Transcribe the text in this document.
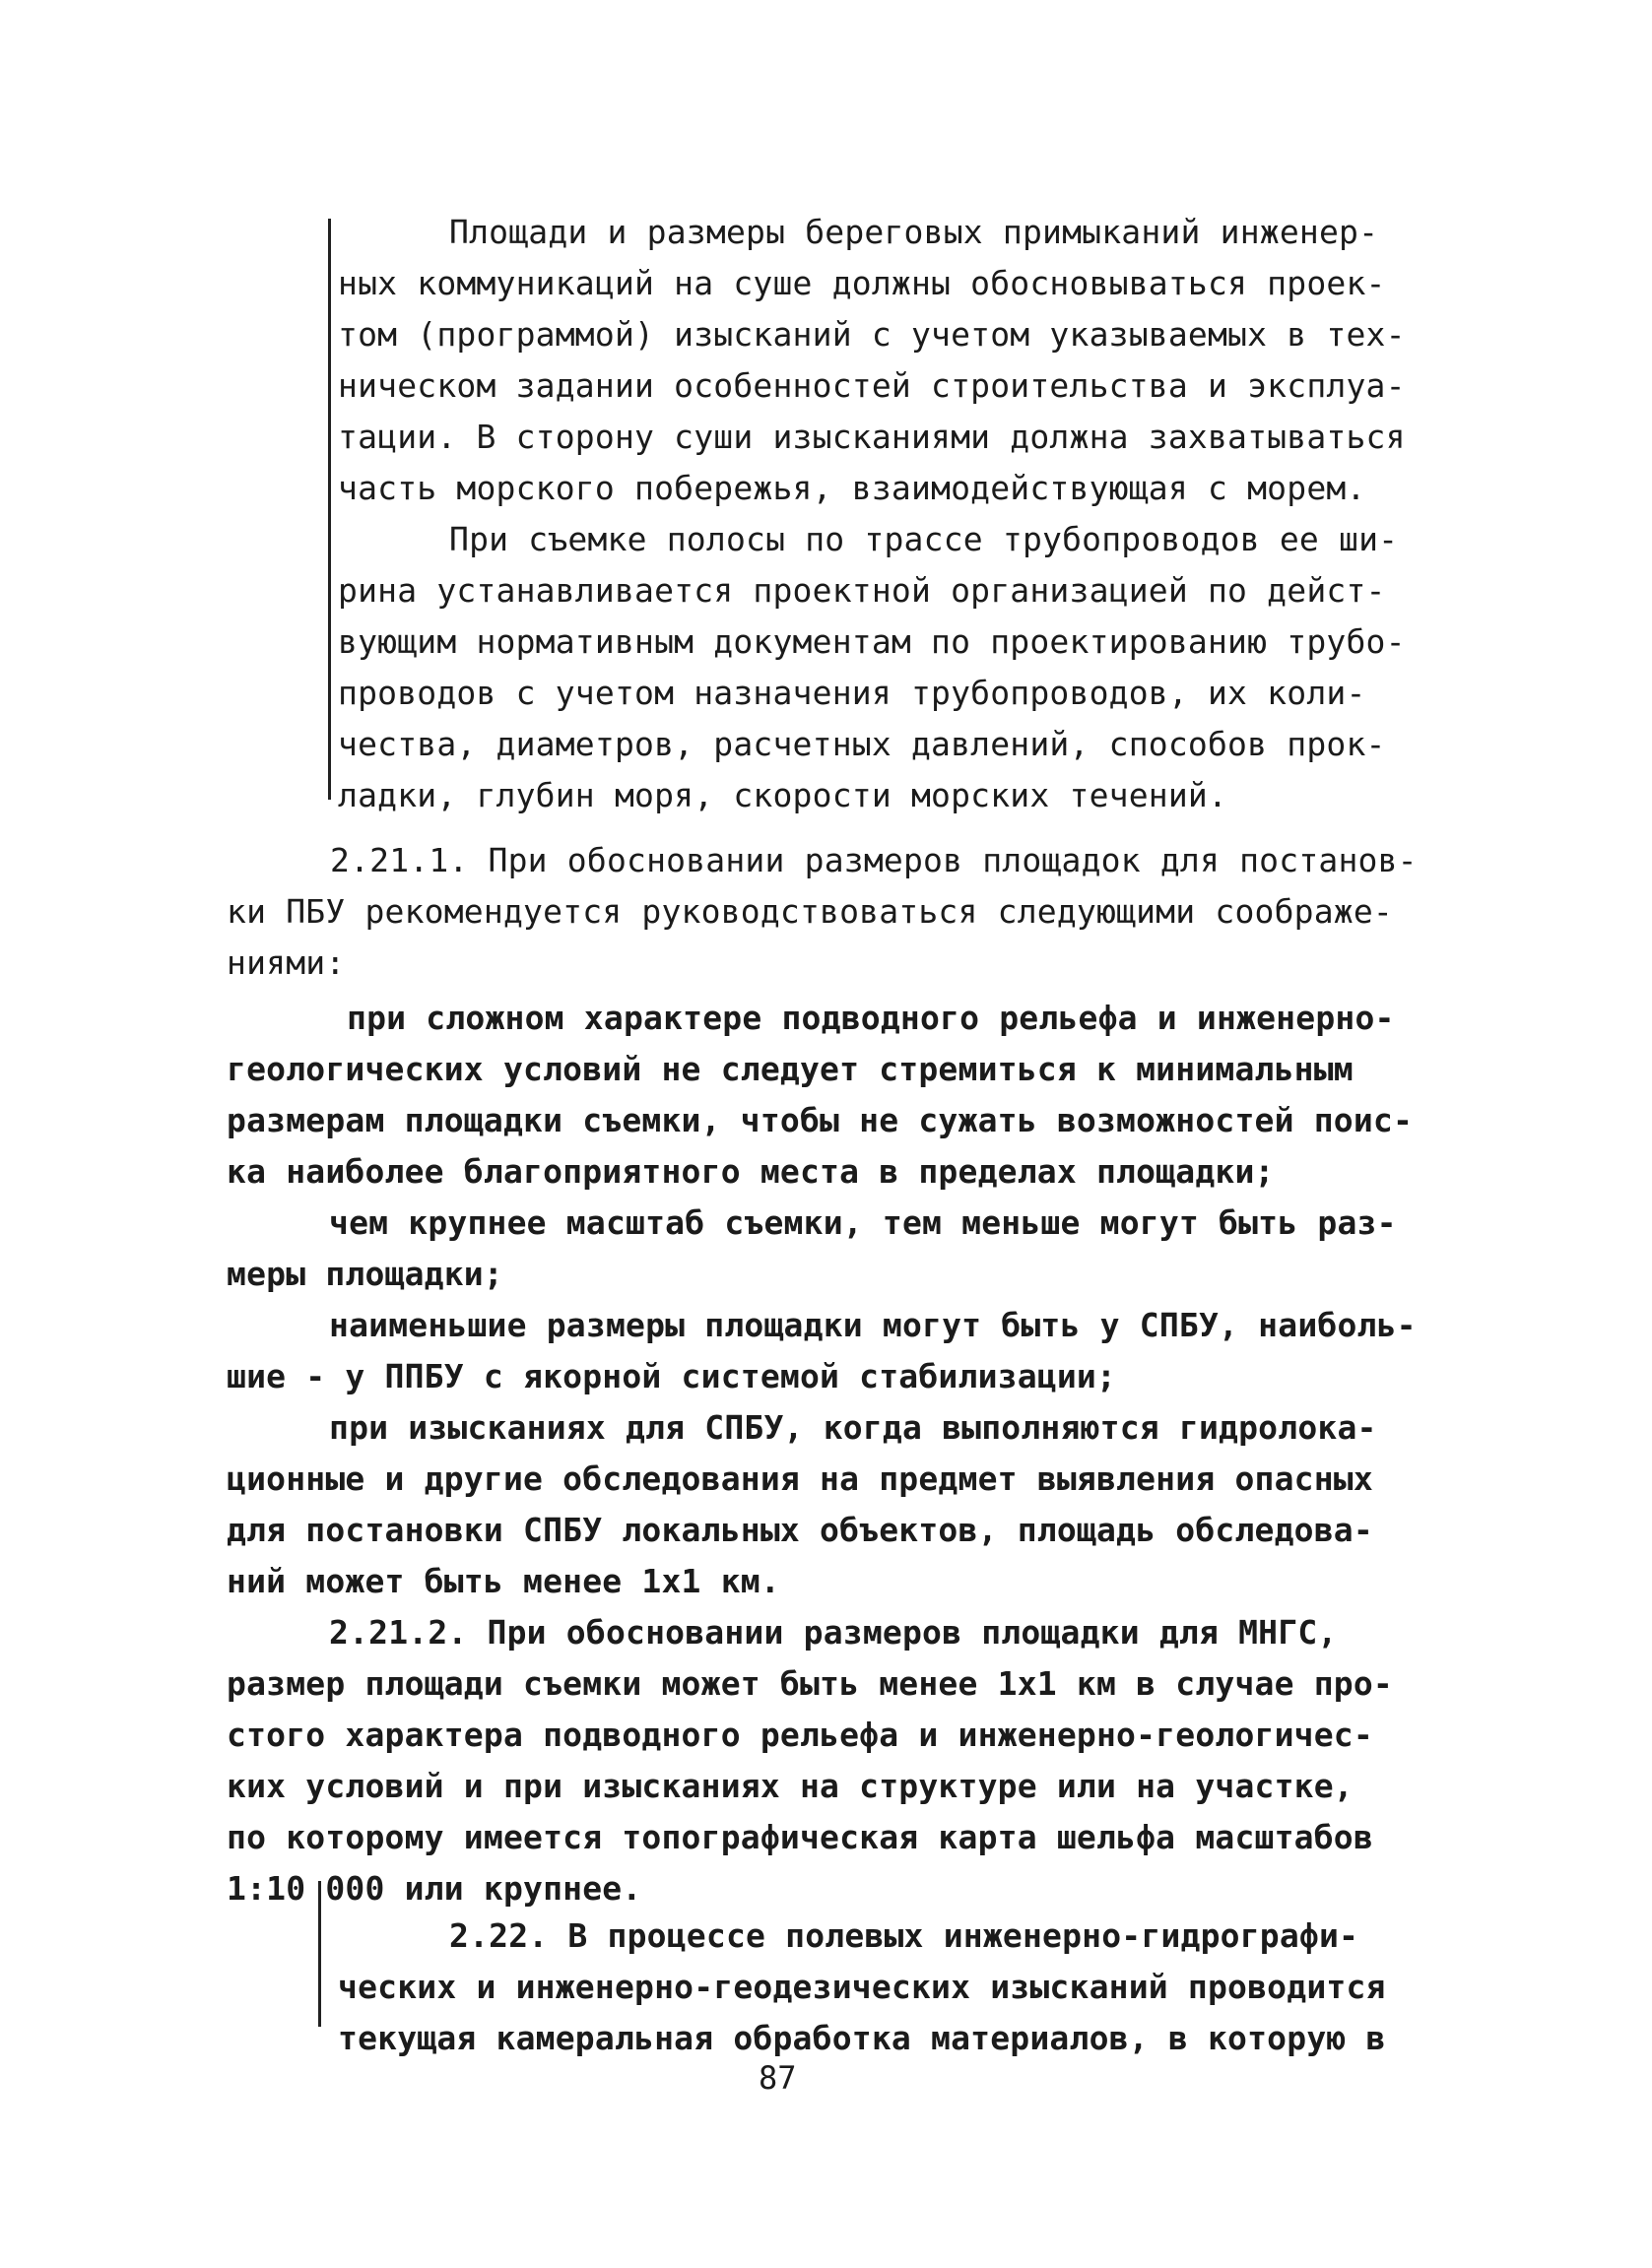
Площади и размеры береговых примыканий инженер-
ных коммуникаций на суше должны обосновываться проек-
том (программой) изысканий с учетом указываемых в тех-
ническом задании особенностей строительства и эксплуа-
тации. В сторону суши изысканиями должна захватываться
часть морского побережья, взаимодействующая с морем.
При съемке полосы по трассе трубопроводов ее ши-
рина устанавливается проектной организацией по дейст-
вующим нормативным документам по проектированию трубо-
проводов с учетом назначения трубопроводов, их коли-
чества, диаметров, расчетных давлений, способов прок-
ладки, глубин моря, скорости морских течений.
2.21.1. При обосновании размеров площадок для постанов-
ки ПБУ рекомендуется руководствоваться следующими соображе-
ниями:
при сложном характере подводного рельефа и инженерно-
геологических условий не следует стремиться к минимальным
размерам площадки съемки, чтобы не сужать возможностей поис-
ка наиболее благоприятного места в пределах площадки;
чем крупнее масштаб съемки, тем меньше могут быть раз-
меры площадки;
наименьшие размеры площадки могут быть у СПБУ, наиболь-
шие - у ППБУ с якорной системой стабилизации;
при изысканиях для СПБУ, когда выполняются гидролока-
ционные и другие обследования на предмет выявления опасных
для постановки СПБУ локальных объектов, площадь обследова-
ний может быть менее 1х1 км.
2.21.2. При обосновании размеров площадки для МНГС,
размер площади съемки может быть менее 1х1 км в случае про-
стого характера подводного рельефа и инженерно-геологичес-
ких условий и при изысканиях на структуре или на участке,
по которому имеется топографическая карта шельфа масштабов
1:10 000 или крупнее.
2.22. В процессе полевых инженерно-гидрографи-
ческих и инженерно-геодезических изысканий проводится
текущая камеральная обработка материалов, в которую в
87
